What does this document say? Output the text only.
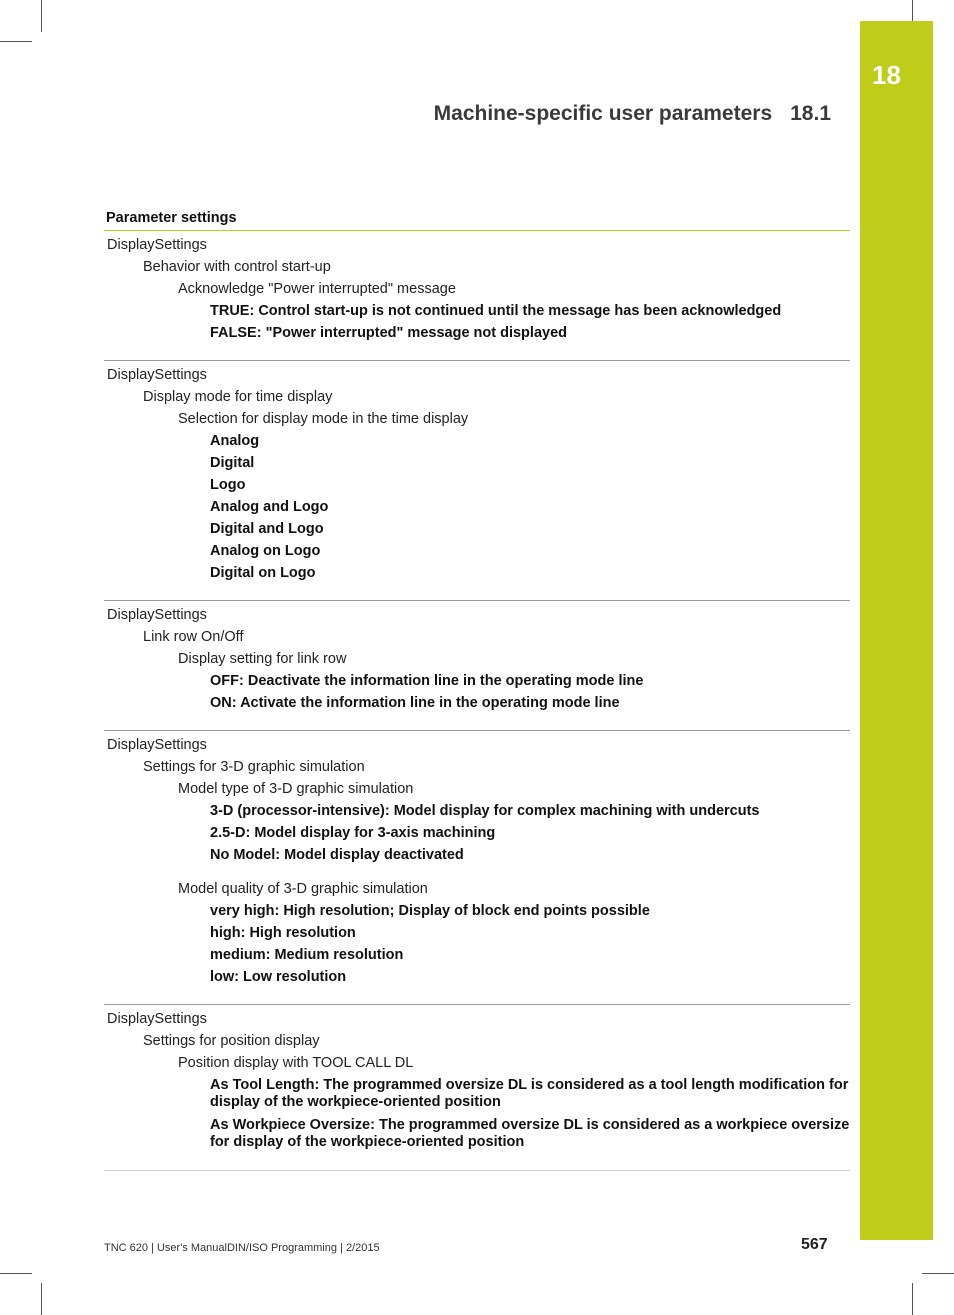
18
Machine-specific user parameters 18.1
Parameter settings
DisplaySettings
Behavior with control start-up
Acknowledge "Power interrupted" message
TRUE: Control start-up is not continued until the message has been acknowledged
FALSE: "Power interrupted" message not displayed
DisplaySettings
Display mode for time display
Selection for display mode in the time display
Analog
Digital
Logo
Analog and Logo
Digital and Logo
Analog on Logo
Digital on Logo
DisplaySettings
Link row On/Off
Display setting for link row
OFF: Deactivate the information line in the operating mode line
ON: Activate the information line in the operating mode line
DisplaySettings
Settings for 3-D graphic simulation
Model type of 3-D graphic simulation
3-D (processor-intensive): Model display for complex machining with undercuts
2.5-D: Model display for 3-axis machining
No Model: Model display deactivated
Model quality of 3-D graphic simulation
very high: High resolution; Display of block end points possible
high: High resolution
medium: Medium resolution
low: Low resolution
DisplaySettings
Settings for position display
Position display with TOOL CALL DL
As Tool Length: The programmed oversize DL is considered as a tool length modification for display of the workpiece-oriented position
As Workpiece Oversize: The programmed oversize DL is considered as a workpiece oversize for display of the workpiece-oriented position
TNC 620 | User's ManualDIN/ISO Programming | 2/2015	567
